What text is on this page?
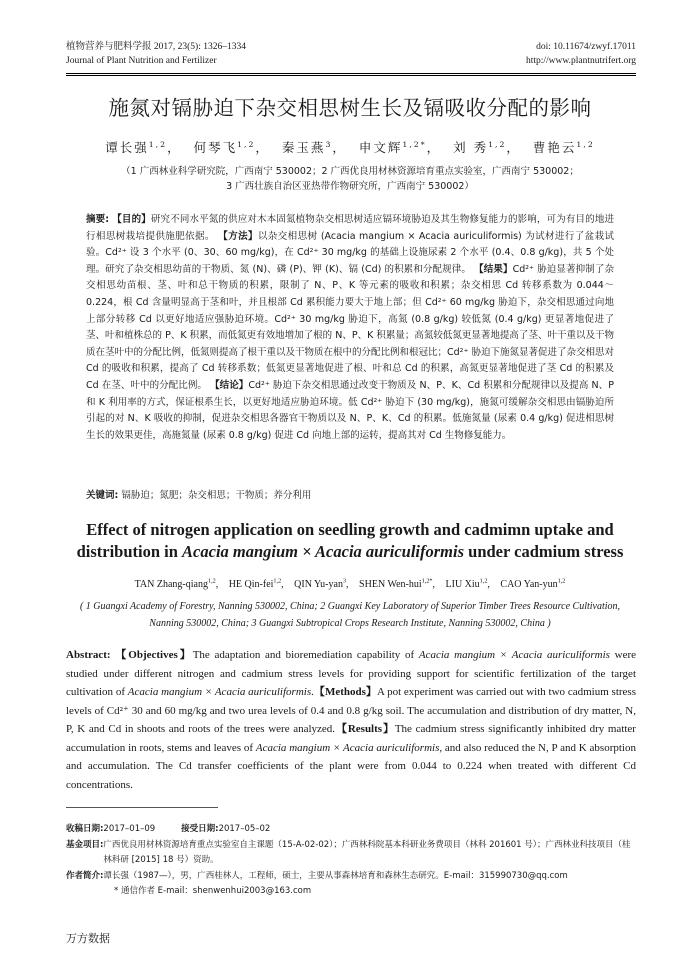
植物营养与肥料学报 2017, 23(5): 1326–1334	doi: 10.11674/zwyf.17011
Journal of Plant Nutrition and Fertilizer	http://www.plantnutrifert.org
施氮对镉胁迫下杂交相思树生长及镉吸收分配的影响
谭长强$^{1,2}$， 何琴飞$^{1,2}$， 秦玉燕$^3$， 申文辉$^{1,2*}$， 刘 秀$^{1,2}$， 曹艳云$^{1,2}$
（1 广西林业科学研究院，广西南宁 530002；2 广西优良用材林资源培育重点实验室，广西南宁 530002；
3 广西壮族自治区亚热带作物研究所，广西南宁 530002）
摘要: 【目的】研究不同水平氮的供应对木本固氮植物杂交相思树适应镉环境胁迫及其生物修复能力的影响，可为有目的地进行相思树栽培提供施肥依据。 【方法】以杂交相思树 (Acacia mangium × Acacia auriculiformis) 为试材进行了盆栽试验。Cd²⁺ 设 3 个水平 (0、30、60 mg/kg)，在 Cd²⁺ 30 mg/kg 的基础上设施尿素 2 个水平 (0.4、0.8 g/kg)，共 5 个处理。研究了杂交相思幼苗的干物质、氮 (N)、磷 (P)、钾 (K)、镉 (Cd) 的积累和分配规律。 【结果】Cd²⁺ 胁迫显著抑制了杂交相思幼苗根、茎、叶和总干物质的积累，限制了 N、P、K 等元素的吸收和积累；杂交相思 Cd 转移系数为 0.044～0.224，根 Cd 含量明显高于茎和叶，并且根部 Cd 累积能力要大于地上部；但 Cd²⁺ 60 mg/kg 胁迫下，杂交相思通过向地上部分转移 Cd 以更好地适应强胁迫环境。Cd²⁺ 30 mg/kg 胁迫下，高氮 (0.8 g/kg) 较低氮 (0.4 g/kg) 更显著地促进了茎、叶和植株总的 P、K 积累，而低氮更有效地增加了根的 N、P、K 积累量；高氮较低氮更显著地提高了茎、叶干重以及干物质在茎叶中的分配比例，低氮则提高了根干重以及干物质在根中的分配比例和根冠比；Cd²⁺ 胁迫下施氮显著促进了杂交相思对 Cd 的吸收和积累，提高了 Cd 转移系数；低氮更显著地促进了根、叶和总 Cd 的积累，高氮更显著地促进了茎 Cd 的积累及 Cd 在茎、叶中的分配比例。 【结论】Cd²⁺ 胁迫下杂交相思通过改变干物质及 N、P、K、Cd 积累和分配规律以及提高 N、P 和 K 利用率的方式，保证根系生长，以更好地适应胁迫环境。低 Cd²⁺ 胁迫下 (30 mg/kg)，施氮可缓解杂交相思由镉胁迫所引起的对 N、K 吸收的抑制，促进杂交相思各器官干物质以及 N、P、K、Cd 的积累。低施氮量 (尿素 0.4 g/kg) 促进相思树生长的效果更佳，高施氮量 (尿素 0.8 g/kg) 促进 Cd 向地上部的运转，提高其对 Cd 生物修复能力。
关键词: 镉胁迫；氮肥；杂交相思；干物质；养分利用
Effect of nitrogen application on seedling growth and cadmimn uptake and
distribution in Acacia mangium × Acacia auriculiformis under cadmium stress
TAN Zhang-qiang$^{1,2}$, HE Qin-fei$^{1,2}$, QIN Yu-yan$^3$, SHEN Wen-hui$^{1,2*}$, LIU Xiu$^{1,2}$, CAO Yan-yun$^{1,2}$
( 1 Guangxi Academy of Forestry, Nanning 530002, China; 2 Guangxi Key Laboratory of Superior Timber Trees Resource Cultivation, Nanning 530002, China; 3 Guangxi Subtropical Crops Research Institute, Nanning 530002, China )
Abstract: 【Objectives】The adaptation and bioremediation capability of Acacia mangium × Acacia auriculiformis were studied under different nitrogen and cadmium stress levels for providing support for scientific fertilization of the target cultivation of Acacia mangium × Acacia auriculiformis.【Methods】A pot experiment was carried out with two cadmium stress levels of Cd²⁺ 30 and 60 mg/kg and two urea levels of 0.4 and 0.8 g/kg soil. The accumulation and distribution of dry matter, N, P, K and Cd in shoots and roots of the trees were analyzed.【Results】The cadmium stress significantly inhibited dry matter accumulation in roots, stems and leaves of Acacia mangium × Acacia auriculiformis, and also reduced the N, P and K absorption and accumulation. The Cd transfer coefficients of the plant were from 0.044 to 0.224 when treated with different Cd concentrations.
收稿日期: 2017–01–09	接受日期: 2017–05–02
基金项目: 广西优良用材林资源培育重点实验室自主课题（15-A-02-02）；广西林科院基本科研业务费项目（林科 201601 号）；广西林业科技项目（桂林科研 [2015] 18 号）资助。
作者简介: 谭长强（1987—），男，广西桂林人，工程师，硕士，主要从事森林培育和森林生态研究。E-mail：315990730@qq.com
* 通信作者 E-mail：shenwenhui2003@163.com
万方数据
